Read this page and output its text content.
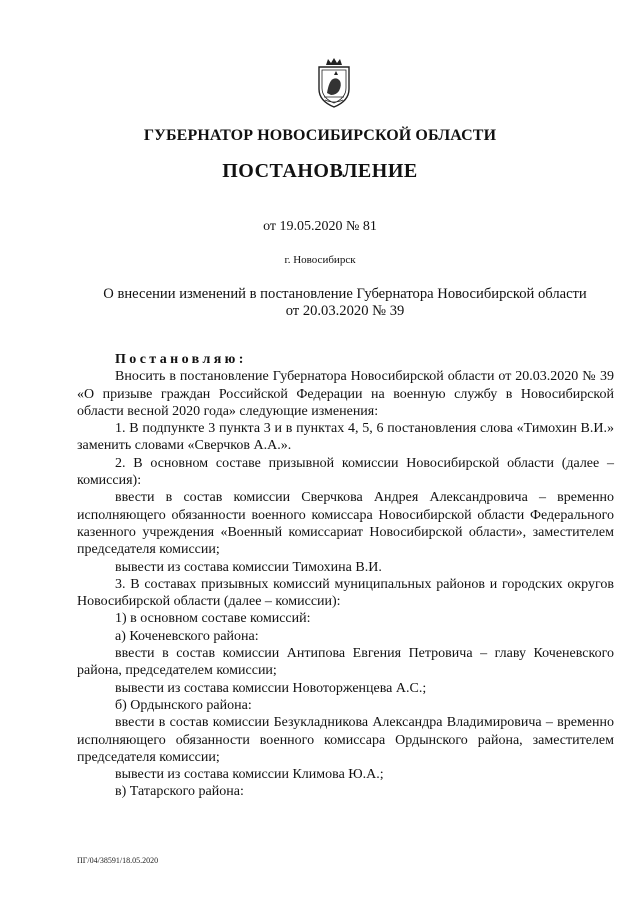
ГУБЕРНАТОР НОВОСИБИРСКОЙ ОБЛАСТИ
ПОСТАНОВЛЕНИЕ
от 19.05.2020 № 81
г. Новосибирск
О внесении изменений в постановление Губернатора Новосибирской области
от 20.03.2020 № 39

Постановляю:

Вносить в постановление Губернатора Новосибирской области от 20.03.2020 № 39 «О призыве граждан Российской Федерации на военную службу в Новосибирской области весной 2020 года» следующие изменения:

1. В подпункте 3 пункта 3 и в пунктах 4, 5, 6 постановления слова «Тимохин В.И.» заменить словами «Сверчков А.А.».

2. В основном составе призывной комиссии Новосибирской области (далее – комиссия):

ввести в состав комиссии Сверчкова Андрея Александровича – временно исполняющего обязанности военного комиссара Новосибирской области Федерального казенного учреждения «Военный комиссариат Новосибирской области», заместителем председателя комиссии;

вывести из состава комиссии Тимохина В.И.

3. В составах призывных комиссий муниципальных районов и городских округов Новосибирской области (далее – комиссии):

1) в основном составе комиссий:

а) Коченевского района:

ввести в состав комиссии Антипова Евгения Петровича – главу Коченевского района, председателем комиссии;

вывести из состава комиссии Новоторженцева А.С.;

б) Ордынского района:

ввести в состав комиссии Безукладникова Александра Владимировича – временно исполняющего обязанности военного комиссара Ордынского района, заместителем председателя комиссии;

вывести из состава комиссии Климова Ю.А.;

в) Татарского района:

ПГ/04/38591/18.05.2020
